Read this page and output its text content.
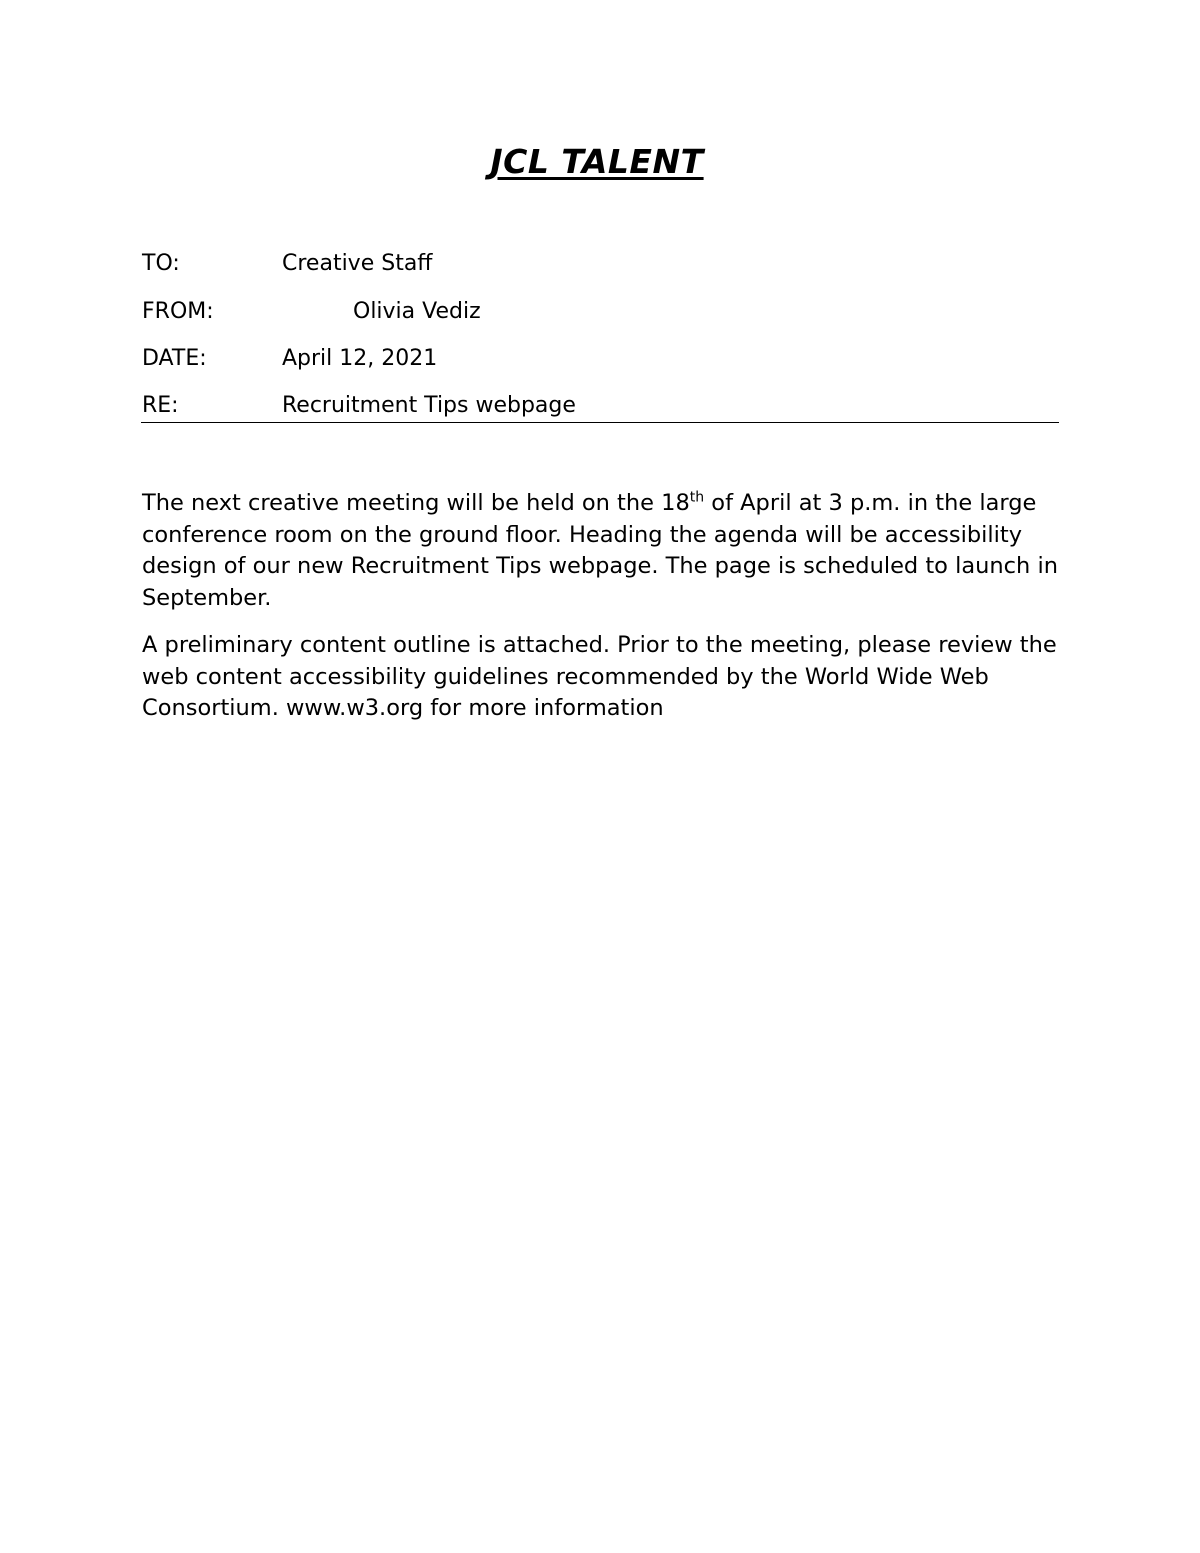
JCL TALENT
TO:	Creative Staff
FROM:	Olivia Vediz
DATE:	April 12, 2021
RE:	Recruitment Tips webpage

The next creative meeting will be held on the 18th of April at 3 p.m. in the large conference room on the ground floor. Heading the agenda will be accessibility design of our new Recruitment Tips webpage. The page is scheduled to launch in September.

A preliminary content outline is attached. Prior to the meeting, please review the web content accessibility guidelines recommended by the World Wide Web Consortium. www.w3.org for more information
